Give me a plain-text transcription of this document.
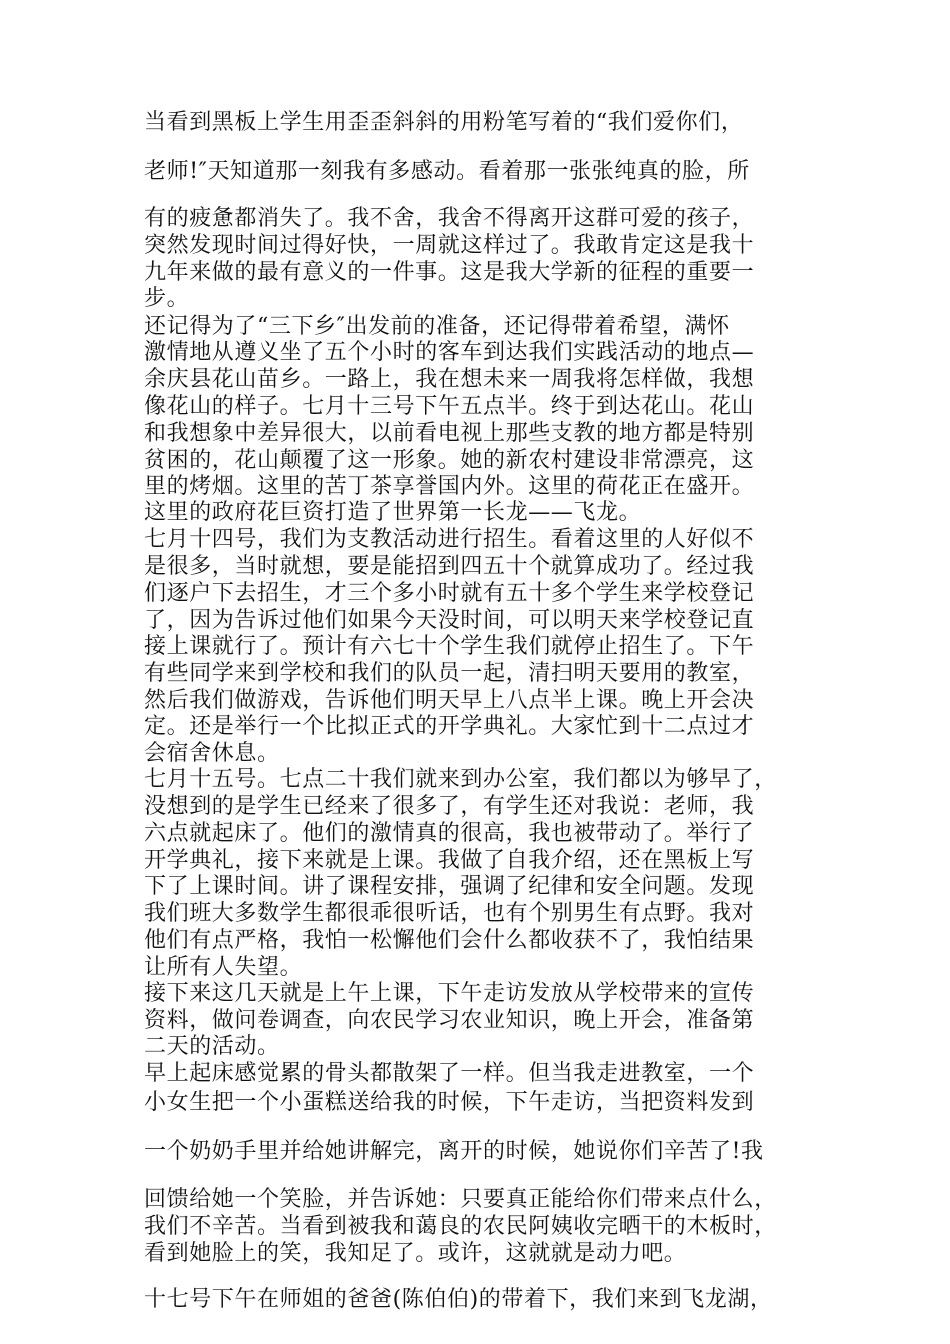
当看到黑板上学生用歪歪斜斜的用粉笔写着的“我们爱你们，
老师!″天知道那一刻我有多感动。看着那一张张纯真的脸，所
有的疲惫都消失了。我不舍，我舍不得离开这群可爱的孩子，
突然发现时间过得好快，一周就这样过了。我敢肯定这是我十
九年来做的最有意义的一件事。这是我大学新的征程的重要一
步。
还记得为了“三下乡″出发前的准备，还记得带着希望，满怀
激情地从遵义坐了五个小时的客车到达我们实践活动的地点—
余庆县花山苗乡。一路上，我在想未来一周我将怎样做，我想
像花山的样子。七月十三号下午五点半。终于到达花山。花山
和我想象中差异很大，以前看电视上那些支教的地方都是特别
贫困的，花山颠覆了这一形象。她的新农村建设非常漂亮，这
里的烤烟。这里的苦丁茶享誉国内外。这里的荷花正在盛开。
这里的政府花巨资打造了世界第一长龙——飞龙。
七月十四号，我们为支教活动进行招生。看着这里的人好似不
是很多，当时就想，要是能招到四五十个就算成功了。经过我
们逐户下去招生，才三个多小时就有五十多个学生来学校登记
了，因为告诉过他们如果今天没时间，可以明天来学校登记直
接上课就行了。预计有六七十个学生我们就停止招生了。下午
有些同学来到学校和我们的队员一起，清扫明天要用的教室，
然后我们做游戏，告诉他们明天早上八点半上课。晚上开会决
定。还是举行一个比拟正式的开学典礼。大家忙到十二点过才
会宿舍休息。
七月十五号。七点二十我们就来到办公室，我们都以为够早了，
没想到的是学生已经来了很多了，有学生还对我说：老师，我
六点就起床了。他们的激情真的很高，我也被带动了。举行了
开学典礼，接下来就是上课。我做了自我介绍，还在黑板上写
下了上课时间。讲了课程安排，强调了纪律和安全问题。发现
我们班大多数学生都很乖很听话，也有个别男生有点野。我对
他们有点严格，我怕一松懈他们会什么都收获不了，我怕结果
让所有人失望。
接下来这几天就是上午上课，下午走访发放从学校带来的宣传
资料，做问卷调查，向农民学习农业知识，晚上开会，准备第
二天的活动。
早上起床感觉累的骨头都散架了一样。但当我走进教室，一个
小女生把一个小蛋糕送给我的时候，下午走访，当把资料发到
一个奶奶手里并给她讲解完，离开的时候，她说你们辛苦了!我
回馈给她一个笑脸，并告诉她：只要真正能给你们带来点什么，
我们不辛苦。当看到被我和蔼良的农民阿姨收完晒干的木板时，
看到她脸上的笑，我知足了。或许，这就就是动力吧。
十七号下午在师姐的爸爸(陈伯伯)的带着下，我们来到飞龙湖，
